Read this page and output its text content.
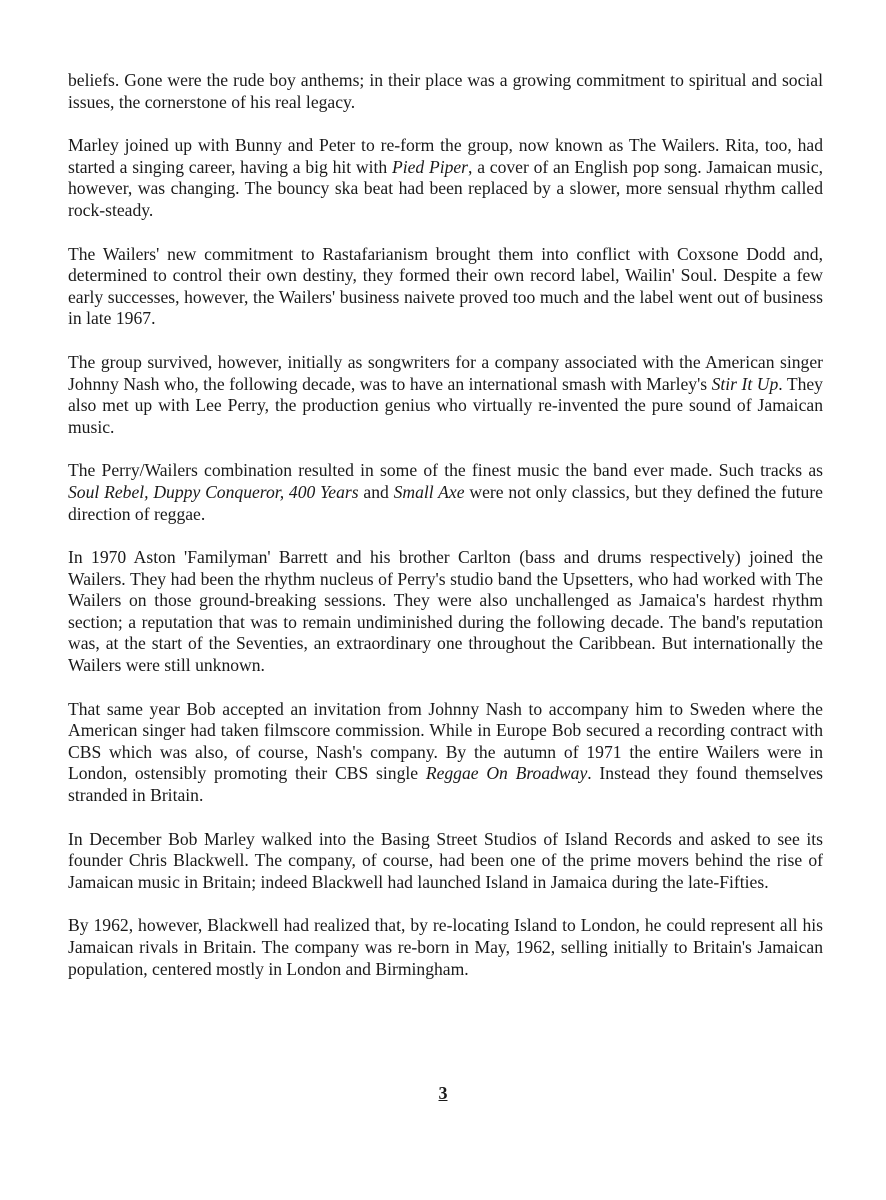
beliefs. Gone were the rude boy anthems; in their place was a growing commitment to spiritual and social issues, the cornerstone of his real legacy.

Marley joined up with Bunny and Peter to re-form the group, now known as The Wailers. Rita, too, had started a singing career, having a big hit with Pied Piper, a cover of an English pop song. Jamaican music, however, was changing. The bouncy ska beat had been replaced by a slower, more sensual rhythm called rock-steady.

The Wailers' new commitment to Rastafarianism brought them into conflict with Coxsone Dodd and, determined to control their own destiny, they formed their own record label, Wailin' Soul. Despite a few early successes, however, the Wailers' business naivete proved too much and the label went out of business in late 1967.

The group survived, however, initially as songwriters for a company associated with the American singer Johnny Nash who, the following decade, was to have an international smash with Marley's Stir It Up. They also met up with Lee Perry, the production genius who virtually re-invented the pure sound of Jamaican music.

The Perry/Wailers combination resulted in some of the finest music the band ever made. Such tracks as Soul Rebel, Duppy Conqueror, 400 Years and Small Axe were not only classics, but they defined the future direction of reggae.

In 1970 Aston 'Familyman' Barrett and his brother Carlton (bass and drums respectively) joined the Wailers. They had been the rhythm nucleus of Perry's studio band the Upsetters, who had worked with The Wailers on those ground-breaking sessions. They were also unchallenged as Jamaica's hardest rhythm section; a reputation that was to remain undiminished during the following decade. The band's reputation was, at the start of the Seventies, an extraordinary one throughout the Caribbean. But internationally the Wailers were still unknown.

That same year Bob accepted an invitation from Johnny Nash to accompany him to Sweden where the American singer had taken filmscore commission. While in Europe Bob secured a recording contract with CBS which was also, of course, Nash's company. By the autumn of 1971 the entire Wailers were in London, ostensibly promoting their CBS single Reggae On Broadway. Instead they found themselves stranded in Britain.

In December Bob Marley walked into the Basing Street Studios of Island Records and asked to see its founder Chris Blackwell. The company, of course, had been one of the prime movers behind the rise of Jamaican music in Britain; indeed Blackwell had launched Island in Jamaica during the late-Fifties.

By 1962, however, Blackwell had realized that, by re-locating Island to London, he could represent all his Jamaican rivals in Britain. The company was re-born in May, 1962, selling initially to Britain's Jamaican population, centered mostly in London and Birmingham.

3
